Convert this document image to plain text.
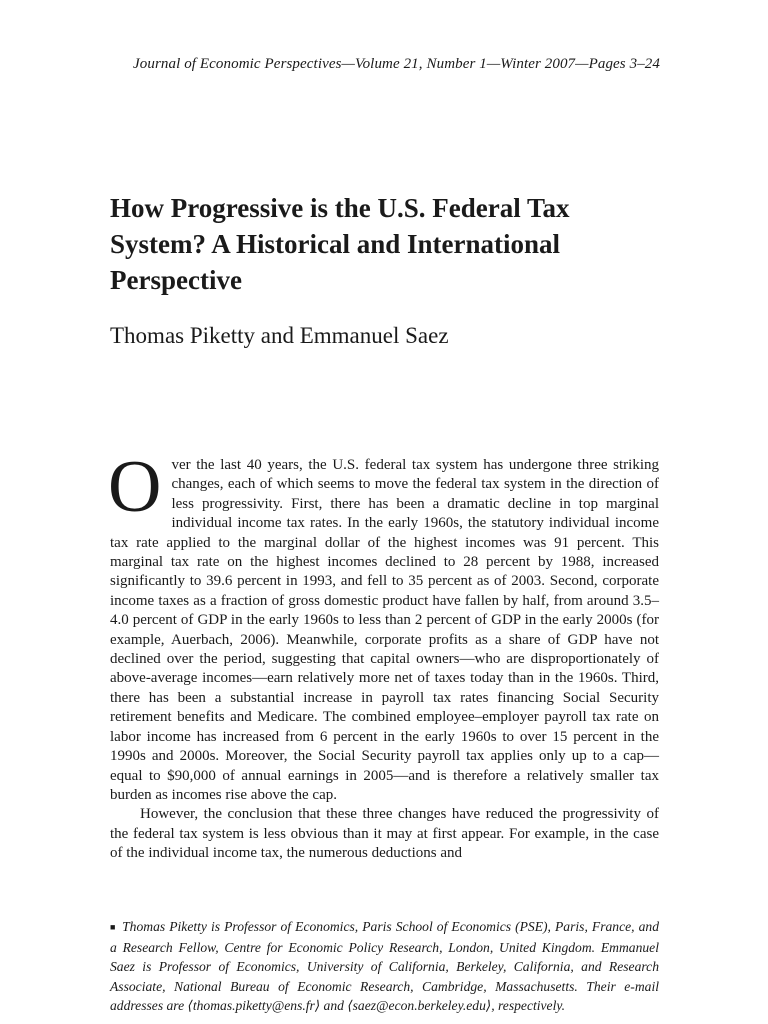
Journal of Economic Perspectives—Volume 21, Number 1—Winter 2007—Pages 3–24
How Progressive is the U.S. Federal Tax System? A Historical and International Perspective
Thomas Piketty and Emmanuel Saez

Over the last 40 years, the U.S. federal tax system has undergone three striking changes, each of which seems to move the federal tax system in the direction of less progressivity. First, there has been a dramatic decline in top marginal individual income tax rates. In the early 1960s, the statutory individual income tax rate applied to the marginal dollar of the highest incomes was 91 percent. This marginal tax rate on the highest incomes declined to 28 percent by 1988, increased significantly to 39.6 percent in 1993, and fell to 35 percent as of 2003. Second, corporate income taxes as a fraction of gross domestic product have fallen by half, from around 3.5–4.0 percent of GDP in the early 1960s to less than 2 percent of GDP in the early 2000s (for example, Auerbach, 2006). Meanwhile, corporate profits as a share of GDP have not declined over the period, suggesting that capital owners—who are disproportionately of above-average incomes—earn relatively more net of taxes today than in the 1960s. Third, there has been a substantial increase in payroll tax rates financing Social Security retirement benefits and Medicare. The combined employee–employer payroll tax rate on labor income has increased from 6 percent in the early 1960s to over 15 percent in the 1990s and 2000s. Moreover, the Social Security payroll tax applies only up to a cap—equal to $90,000 of annual earnings in 2005—and is therefore a relatively smaller tax burden as incomes rise above the cap.

However, the conclusion that these three changes have reduced the progressivity of the federal tax system is less obvious than it may at first appear. For example, in the case of the individual income tax, the numerous deductions and

■ Thomas Piketty is Professor of Economics, Paris School of Economics (PSE), Paris, France, and a Research Fellow, Centre for Economic Policy Research, London, United Kingdom. Emmanuel Saez is Professor of Economics, University of California, Berkeley, California, and Research Associate, National Bureau of Economic Research, Cambridge, Massachusetts. Their e-mail addresses are ⟨thomas.piketty@ens.fr⟩ and ⟨saez@econ.berkeley.edu⟩, respectively.
